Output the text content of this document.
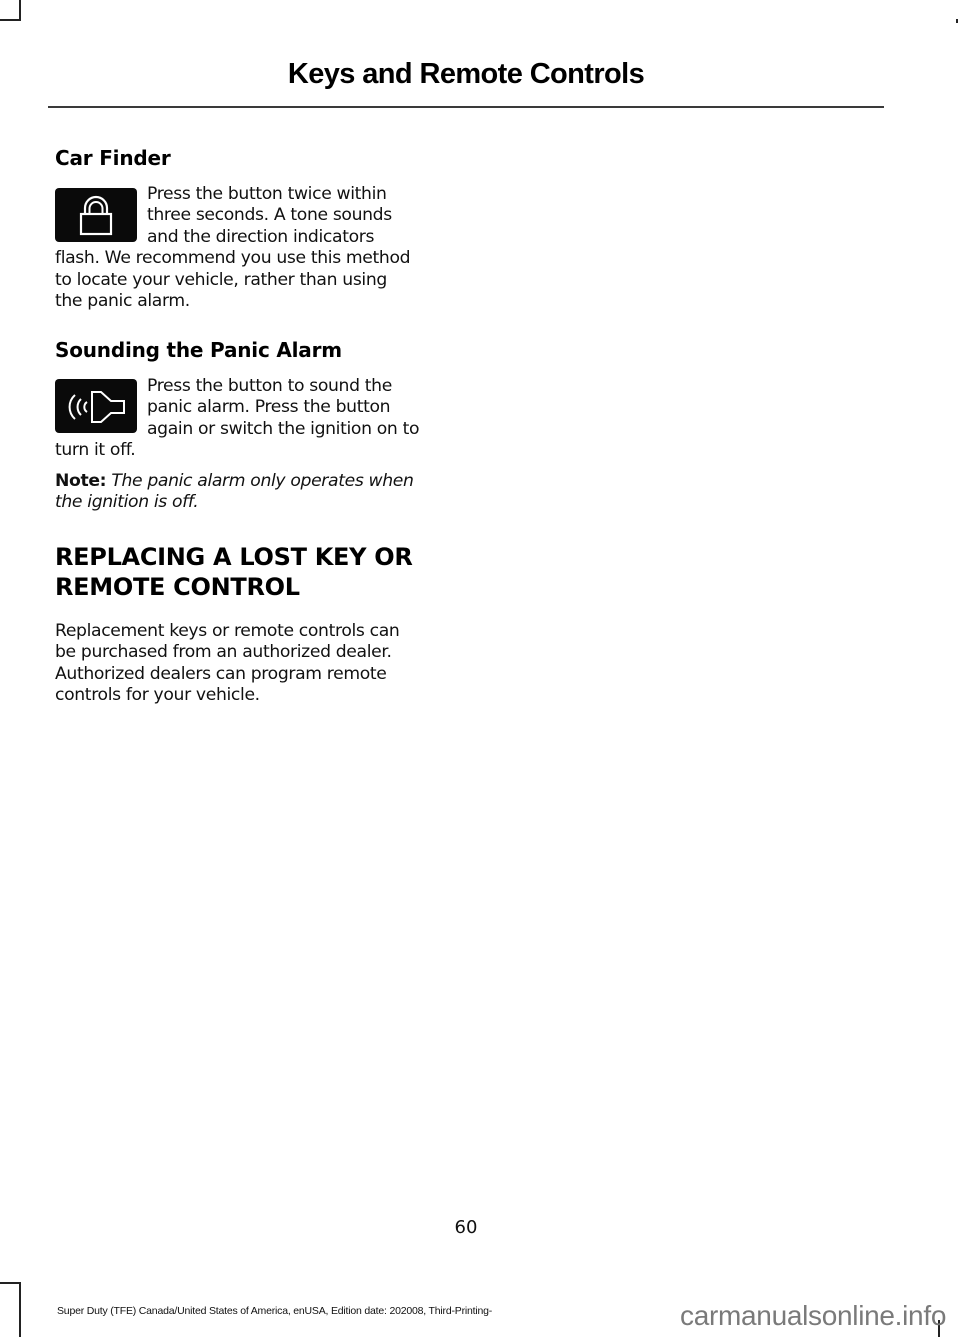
Keys and Remote Controls
Car Finder
Press the button twice within
three seconds. A tone sounds
and the direction indicators
flash. We recommend you use this method
to locate your vehicle, rather than using
the panic alarm.
Sounding the Panic Alarm
Press the button to sound the
panic alarm. Press the button
again or switch the ignition on to
turn it off.
Note: The panic alarm only operates when
the ignition is off.
REPLACING A LOST KEY OR
REMOTE CONTROL
Replacement keys or remote controls can
be purchased from an authorized dealer.
Authorized dealers can program remote
controls for your vehicle.
60
Super Duty (TFE) Canada/United States of America, enUSA, Edition date: 202008, Third-Printing-	carmanualsonline.info
